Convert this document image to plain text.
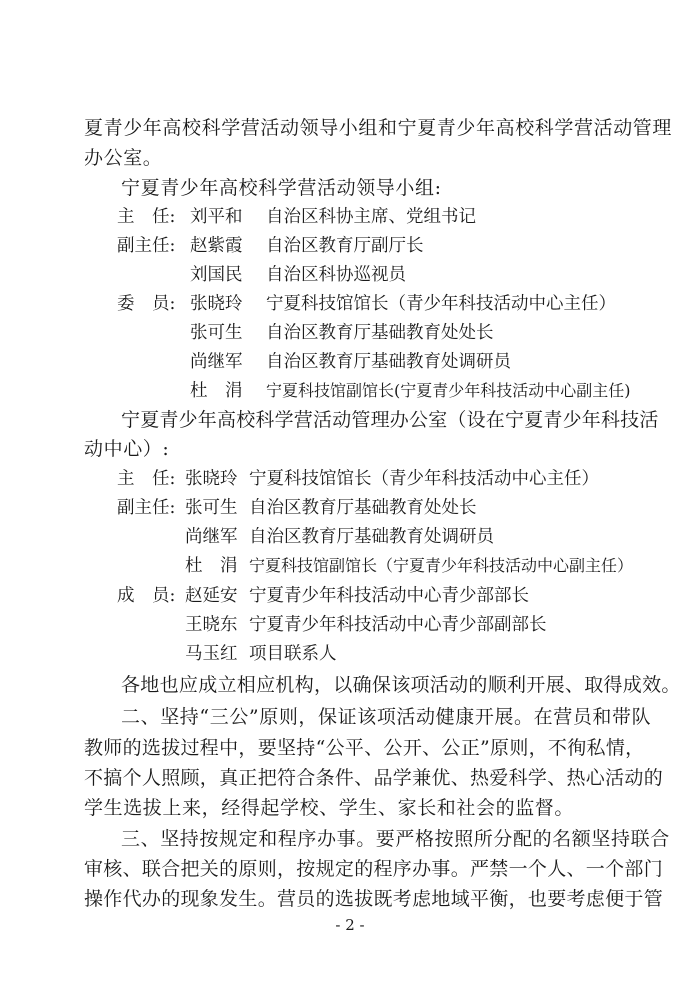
夏青少年高校科学营活动领导小组和宁夏青少年高校科学营活动管理
办公室。
宁夏青少年高校科学营活动领导小组:
主　任: 刘平和 自治区科协主席、党组书记
副主任: 赵紫霞 自治区教育厅副厅长
刘国民 自治区科协巡视员
委　员: 张晓玲 宁夏科技馆馆长（青少年科技活动中心主任）
张可生 自治区教育厅基础教育处处长
尚继军 自治区教育厅基础教育处调研员
杜　涓 宁夏科技馆副馆长(宁夏青少年科技活动中心副主任)
宁夏青少年高校科学营活动管理办公室（设在宁夏青少年科技活
动中心）:
主　任: 张晓玲 宁夏科技馆馆长（青少年科技活动中心主任）
副主任: 张可生 自治区教育厅基础教育处处长
尚继军 自治区教育厅基础教育处调研员
杜　涓 宁夏科技馆副馆长（宁夏青少年科技活动中心副主任）
成　员: 赵延安 宁夏青少年科技活动中心青少部部长
王晓东 宁夏青少年科技活动中心青少部副部长
马玉红 项目联系人
各地也应成立相应机构，以确保该项活动的顺利开展、取得成效。
二、坚持“三公”原则，保证该项活动健康开展。在营员和带队
教师的选拔过程中，要坚持“公平、公开、公正”原则，不徇私情，
不搞个人照顾，真正把符合条件、品学兼优、热爱科学、热心活动的
学生选拔上来，经得起学校、学生、家长和社会的监督。
三、坚持按规定和程序办事。要严格按照所分配的名额坚持联合
审核、联合把关的原则，按规定的程序办事。严禁一个人、一个部门
操作代办的现象发生。营员的选拔既考虑地域平衡，也要考虑便于管
- 2 -
